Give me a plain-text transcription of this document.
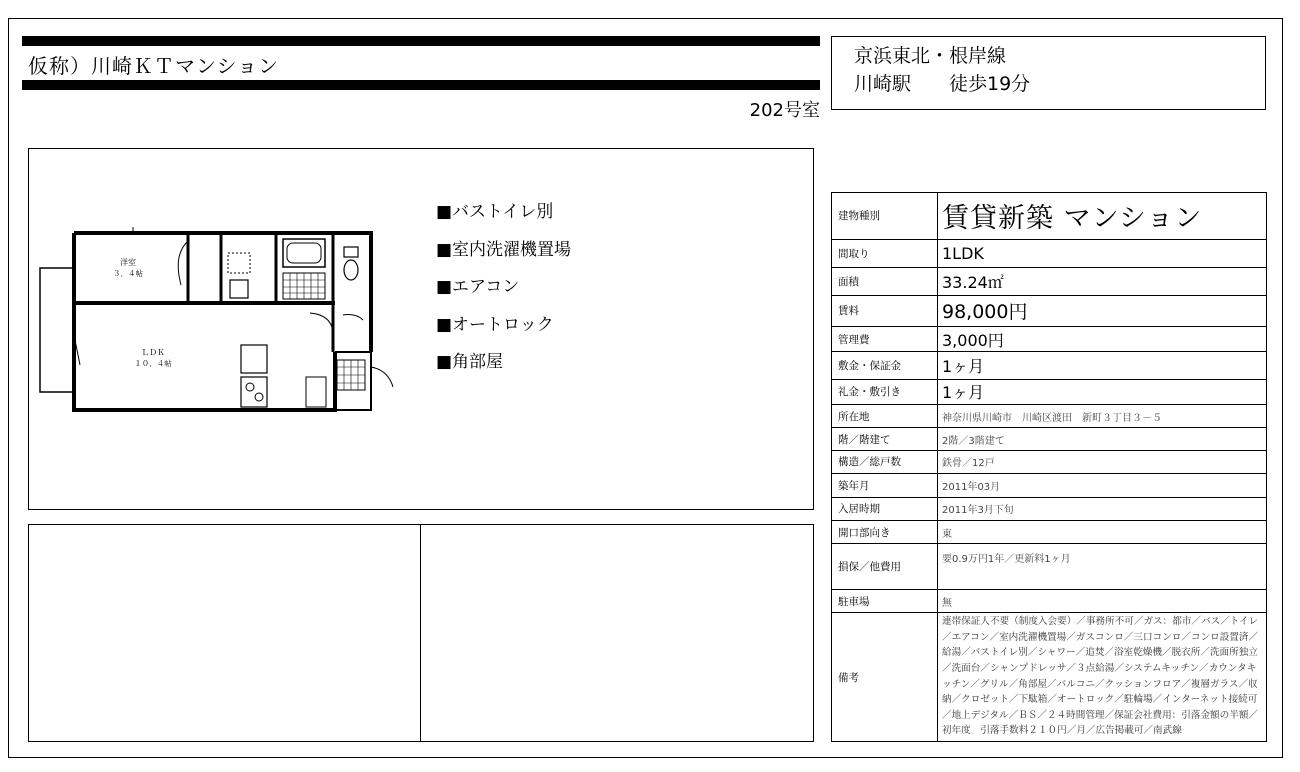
仮称）川崎ＫＴマンション
202号室
京浜東北・根岸線
川崎駅　　徒歩19分
洋室
３．４帖
ＬＤＫ
１０．４帖
■バストイレ別
■室内洗濯機置場
■エアコン
■オートロック
■角部屋
建物種別	賃貸新築 マンション
間取り	1LDK
面積	33.24㎡
賃料	98,000円
管理費	3,000円
敷金・保証金	1ヶ月
礼金・敷引き	1ヶ月
所在地	神奈川県川崎市　川崎区渡田　新町３丁目３－５
階／階建て	2階／3階建て
構造／総戸数	鉄骨／12戸
築年月	2011年03月
入居時期	2011年3月下旬
開口部向き	東
損保／他費用	要0.9万円1年／更新料1ヶ月
駐車場	無
備考	連帯保証人不要（制度入会要）／事務所不可／ガス：都市／バス／トイレ／エアコン／室内洗濯機置場／ガスコンロ／三口コンロ／コンロ設置済／給湯／バストイレ別／シャワー／追焚／浴室乾燥機／脱衣所／洗面所独立／洗面台／シャンプドレッサ／３点給湯／システムキッチン／カウンタキッチン／グリル／角部屋／バルコニ／クッションフロア／複層ガラス／収納／クロゼット／下駄箱／オートロック／駐輪場／インターネット接続可／地上デジタル／ＢＳ／２４時間管理／保証会社費用：引落金額の半額／初年度　引落手数料２１０円／月／広告掲載可／南武線
